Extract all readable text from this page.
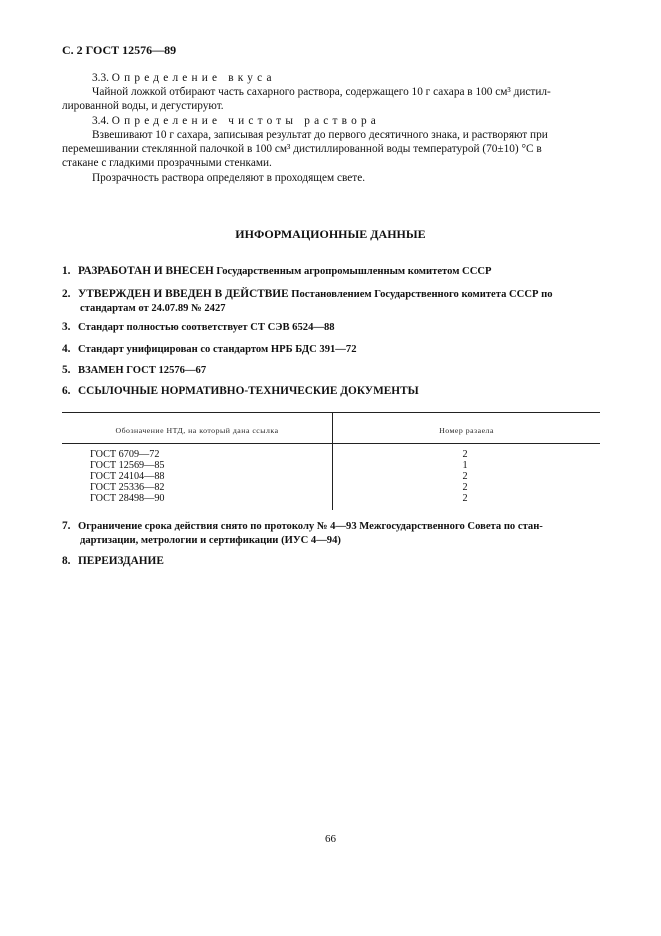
С. 2 ГОСТ 12576—89
3.3. Определение вкуса
Чайной ложкой отбирают часть сахарного раствора, содержащего 10 г сахара в 100 см³ дистил-
лированной воды, и дегустируют.
3.4. Определение чистоты раствора
Взвешивают 10 г сахара, записывая результат до первого десятичного знака, и растворяют при
перемешивании стеклянной палочкой в 100 см³ дистиллированной воды температурой (70±10) °С в
стакане с гладкими прозрачными стенками.
Прозрачность раствора определяют в проходящем свете.
ИНФОРМАЦИОННЫЕ ДАННЫЕ
1. РАЗРАБОТАН И ВНЕСЕН Государственным агропромышленным комитетом СССР
2. УТВЕРЖДЕН И ВВЕДЕН В ДЕЙСТВИЕ Постановлением Государственного комитета СССР по
стандартам от 24.07.89 № 2427
3. Стандарт полностью соответствует СТ СЭВ 6524—88
4. Стандарт унифицирован со стандартом НРБ БДС 391—72
5. ВЗАМЕН ГОСТ 12576—67
6. ССЫЛОЧНЫЕ НОРМАТИВНО-ТЕХНИЧЕСКИЕ ДОКУМЕНТЫ
Обозначение НТД, на который дана ссылка	Номер разaела
ГОСТ 6709—72
ГОСТ 12569—85
ГОСТ 24104—88
ГОСТ 25336—82
ГОСТ 28498—90
2
1
2
2
2
7. Ограничение срока действия снято по протоколу № 4—93 Межгосударственного Совета по стан-
дартизации, метрологии и сертификации (ИУС 4—94)
8. ПЕРЕИЗДАНИЕ
66
